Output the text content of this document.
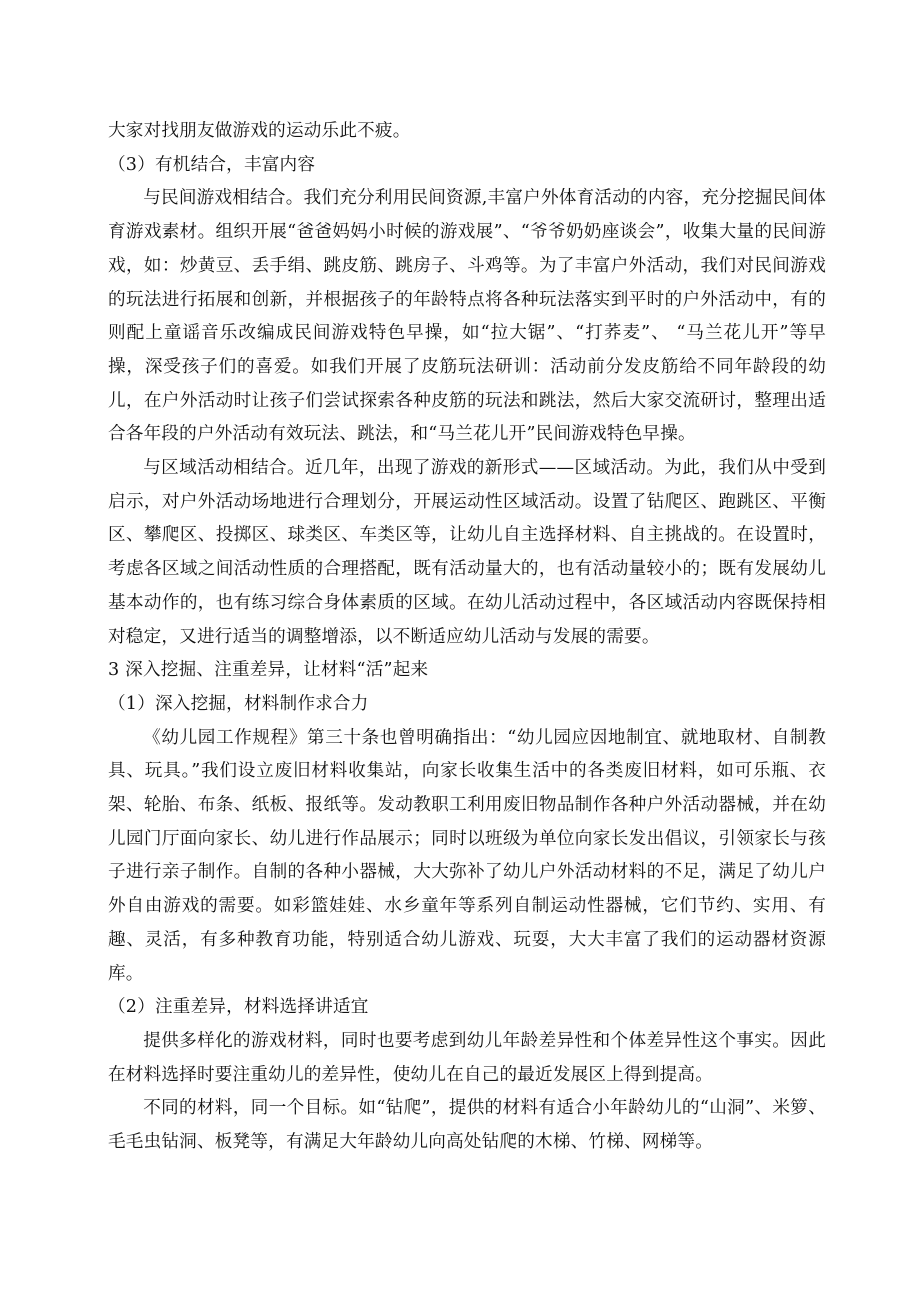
大家对找朋友做游戏的运动乐此不疲。

（3）有机结合，丰富内容

与民间游戏相结合。我们充分利用民间资源,丰富户外体育活动的内容，充分挖掘民间体育游戏素材。组织开展“爸爸妈妈小时候的游戏展”、“爷爷奶奶座谈会”，收集大量的民间游戏，如：炒黄豆、丢手绢、跳皮筋、跳房子、斗鸡等。为了丰富户外活动，我们对民间游戏的玩法进行拓展和创新，并根据孩子的年龄特点将各种玩法落实到平时的户外活动中，有的则配上童谣音乐改编成民间游戏特色早操，如“拉大锯”、“打荞麦”、 “马兰花儿开”等早操，深受孩子们的喜爱。如我们开展了皮筋玩法研训：活动前分发皮筋给不同年龄段的幼儿，在户外活动时让孩子们尝试探索各种皮筋的玩法和跳法，然后大家交流研讨，整理出适合各年段的户外活动有效玩法、跳法，和“马兰花儿开”民间游戏特色早操。

与区域活动相结合。近几年，出现了游戏的新形式——区域活动。为此，我们从中受到启示，对户外活动场地进行合理划分，开展运动性区域活动。设置了钻爬区、跑跳区、平衡区、攀爬区、投掷区、球类区、车类区等，让幼儿自主选择材料、自主挑战的。在设置时，考虑各区域之间活动性质的合理搭配，既有活动量大的，也有活动量较小的；既有发展幼儿基本动作的，也有练习综合身体素质的区域。在幼儿活动过程中，各区域活动内容既保持相对稳定，又进行适当的调整增添，以不断适应幼儿活动与发展的需要。

3 深入挖掘、注重差异，让材料“活”起来

（1）深入挖掘，材料制作求合力

《幼儿园工作规程》第三十条也曾明确指出：“幼儿园应因地制宜、就地取材、自制教具、玩具。”我们设立废旧材料收集站，向家长收集生活中的各类废旧材料，如可乐瓶、衣架、轮胎、布条、纸板、报纸等。发动教职工利用废旧物品制作各种户外活动器械，并在幼儿园门厅面向家长、幼儿进行作品展示；同时以班级为单位向家长发出倡议，引领家长与孩子进行亲子制作。自制的各种小器械，大大弥补了幼儿户外活动材料的不足，满足了幼儿户外自由游戏的需要。如彩篮娃娃、水乡童年等系列自制运动性器械，它们节约、实用、有趣、灵活，有多种教育功能，特别适合幼儿游戏、玩耍，大大丰富了我们的运动器材资源库。

（2）注重差异，材料选择讲适宜

提供多样化的游戏材料，同时也要考虑到幼儿年龄差异性和个体差异性这个事实。因此在材料选择时要注重幼儿的差异性，使幼儿在自己的最近发展区上得到提高。

不同的材料，同一个目标。如“钻爬”，提供的材料有适合小年龄幼儿的“山洞”、米箩、毛毛虫钻洞、板凳等，有满足大年龄幼儿向高处钻爬的木梯、竹梯、网梯等。
